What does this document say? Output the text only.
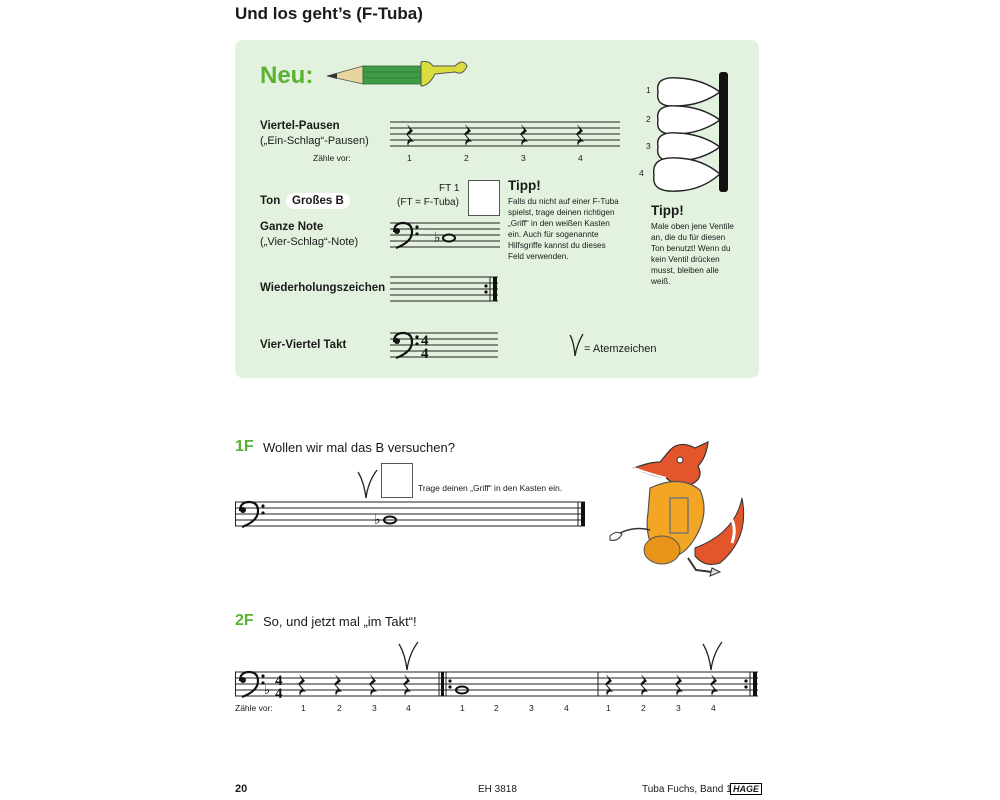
Und los geht’s (F-Tuba)
Neu:
Viertel-Pausen
(„Ein-Schlag“-Pausen)
Zähle vor:	1	2	3	4
Ton	Großes B
FT 1
(FT = F-Tuba)
Ganze Note
(„Vier-Schlag“-Note)	♭
Tipp!
Falls du nicht auf einer F-Tuba
spielst, trage deinen richtigen
„Griff“ in den weißen Kasten
ein. Auch für sogenannte
Hilfsgriffe kannst du dieses
Feld verwenden.
1
2
3
4
Tipp!
Male oben jene Ventile
an, die du für diesen
Ton benutzt! Wenn du
kein Ventil drücken
musst, bleiben alle
weiß.
Wiederholungszeichen
Vier-Viertel Takt	4
4	= Atemzeichen
1F Wollen wir mal das B versuchen?
Trage deinen „Griff“ in den Kasten ein.
♭
2F So, und jetzt mal „im Takt“!
♭
4
4
Zähle vor:	1	2	3	4	1	2	3	4	1	2	3	4
20	EH 3818	Tuba Fuchs, Band 1 HAGE
